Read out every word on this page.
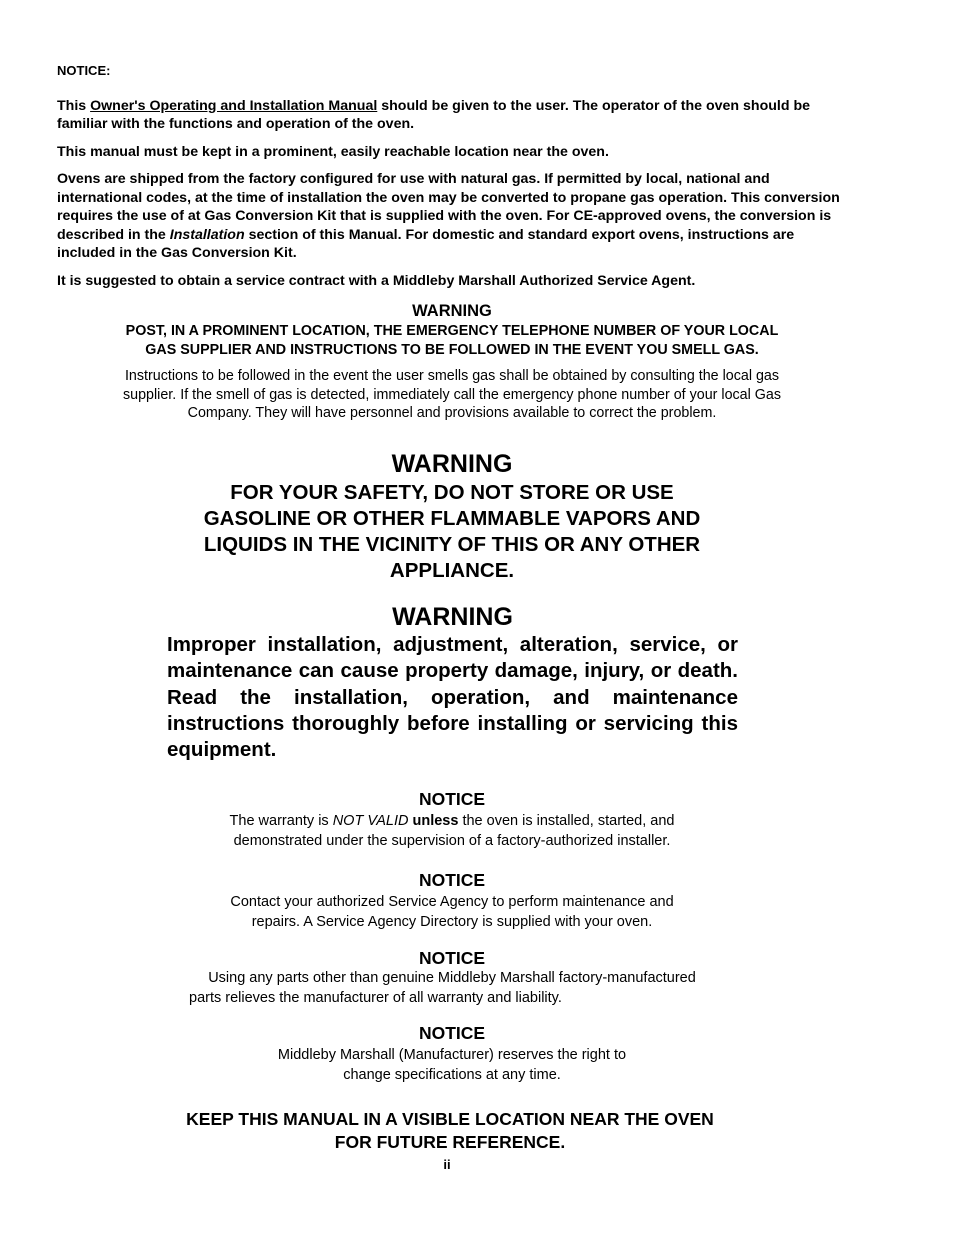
NOTICE:

This Owner's Operating and Installation Manual should be given to the user. The operator of the oven should be familiar with the functions and operation of the oven.

This manual must be kept in a prominent, easily reachable location near the oven.

Ovens are shipped from the factory configured for use with natural gas. If permitted by local, national and international codes, at the time of installation the oven may be converted to propane gas operation. This conversion requires the use of at Gas Conversion Kit that is supplied with the oven. For CE-approved ovens, the conversion is described in the Installation section of this Manual. For domestic and standard export ovens, instructions are included in the Gas Conversion Kit.

It is suggested to obtain a service contract with a Middleby Marshall Authorized Service Agent.

WARNING
POST, IN A PROMINENT LOCATION, THE EMERGENCY TELEPHONE NUMBER OF YOUR LOCAL
GAS SUPPLIER AND INSTRUCTIONS TO BE FOLLOWED IN THE EVENT YOU SMELL GAS.
Instructions to be followed in the event the user smells gas shall be obtained by consulting the local gas
supplier. If the smell of gas is detected, immediately call the emergency phone number of your local Gas
Company. They will have personnel and provisions available to correct the problem.
WARNING
FOR YOUR SAFETY, DO NOT STORE OR USE
GASOLINE OR OTHER FLAMMABLE VAPORS AND
LIQUIDS IN THE VICINITY OF THIS OR ANY OTHER
APPLIANCE.
WARNING
Improper installation, adjustment, alteration, service, or maintenance can cause property damage, injury, or death. Read the installation, operation, and maintenance instructions thoroughly before installing or servicing this equipment.
NOTICE
The warranty is NOT VALID unless the oven is installed, started, and
demonstrated under the supervision of a factory-authorized installer.
NOTICE
Contact your authorized Service Agency to perform maintenance and
repairs. A Service Agency Directory is supplied with your oven.
NOTICE
Using any parts other than genuine Middleby Marshall factory-manufactured
parts relieves the manufacturer of all warranty and liability.
NOTICE
Middleby Marshall (Manufacturer) reserves the right to
change specifications at any time.
KEEP THIS MANUAL IN A VISIBLE LOCATION NEAR THE OVEN
FOR FUTURE REFERENCE.
ii
